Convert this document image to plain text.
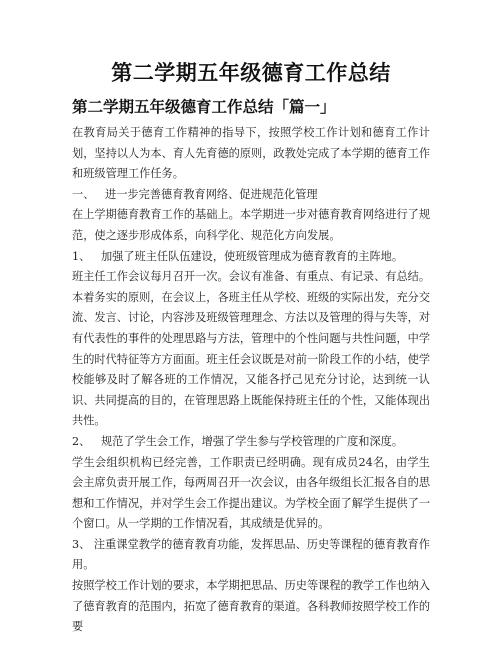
第二学期五年级德育工作总结
第二学期五年级德育工作总结「篇一」

在教育局关于德育工作精神的指导下，按照学校工作计划和德育工作计划，坚持以人为本、育人先育德的原则，政教处完成了本学期的德育工作和班级管理工作任务。

一、   进一步完善德育教育网络、促进规范化管理

在上学期德育教育工作的基础上。本学期进一步对德育教育网络进行了规范，使之逐步形成体系，向科学化、规范化方向发展。

1、   加强了班主任队伍建设，使班级管理成为德育教育的主阵地。

班主任工作会议每月召开一次。会议有准备、有重点、有记录、有总结。本着务实的原则，在会议上，各班主任从学校、班级的实际出发，充分交流、发言、讨论，内容涉及班级管理理念、方法以及管理的得与失等，对有代表性的事件的处理思路与方法，管理中的个性问题与共性问题，中学生的时代特征等方方面面。班主任会议既是对前一阶段工作的小结，使学校能够及时了解各班的工作情况，又能各抒己见充分讨论，达到统一认识、共同提高的目的，在管理思路上既能保持班主任的个性，又能体现出共性。

2、   规范了学生会工作，增强了学生参与学校管理的广度和深度。

学生会组织机构已经完善，工作职责已经明确。现有成员24名，由学生会主席负责开展工作，每两周召开一次会议，由各年级组长汇报各自的思想和工作情况，并对学生会工作提出建议。为学校全面了解学生提供了一个窗口。从一学期的工作情况看，其成绩是优异的。

3、 注重课堂教学的德育教育功能，发挥思品、历史等课程的德育教育作用。

按照学校工作计划的要求，本学期把思品、历史等课程的教学工作也纳入了德育教育的范围内，拓宽了德育教育的渠道。各科教师按照学校工作的要
